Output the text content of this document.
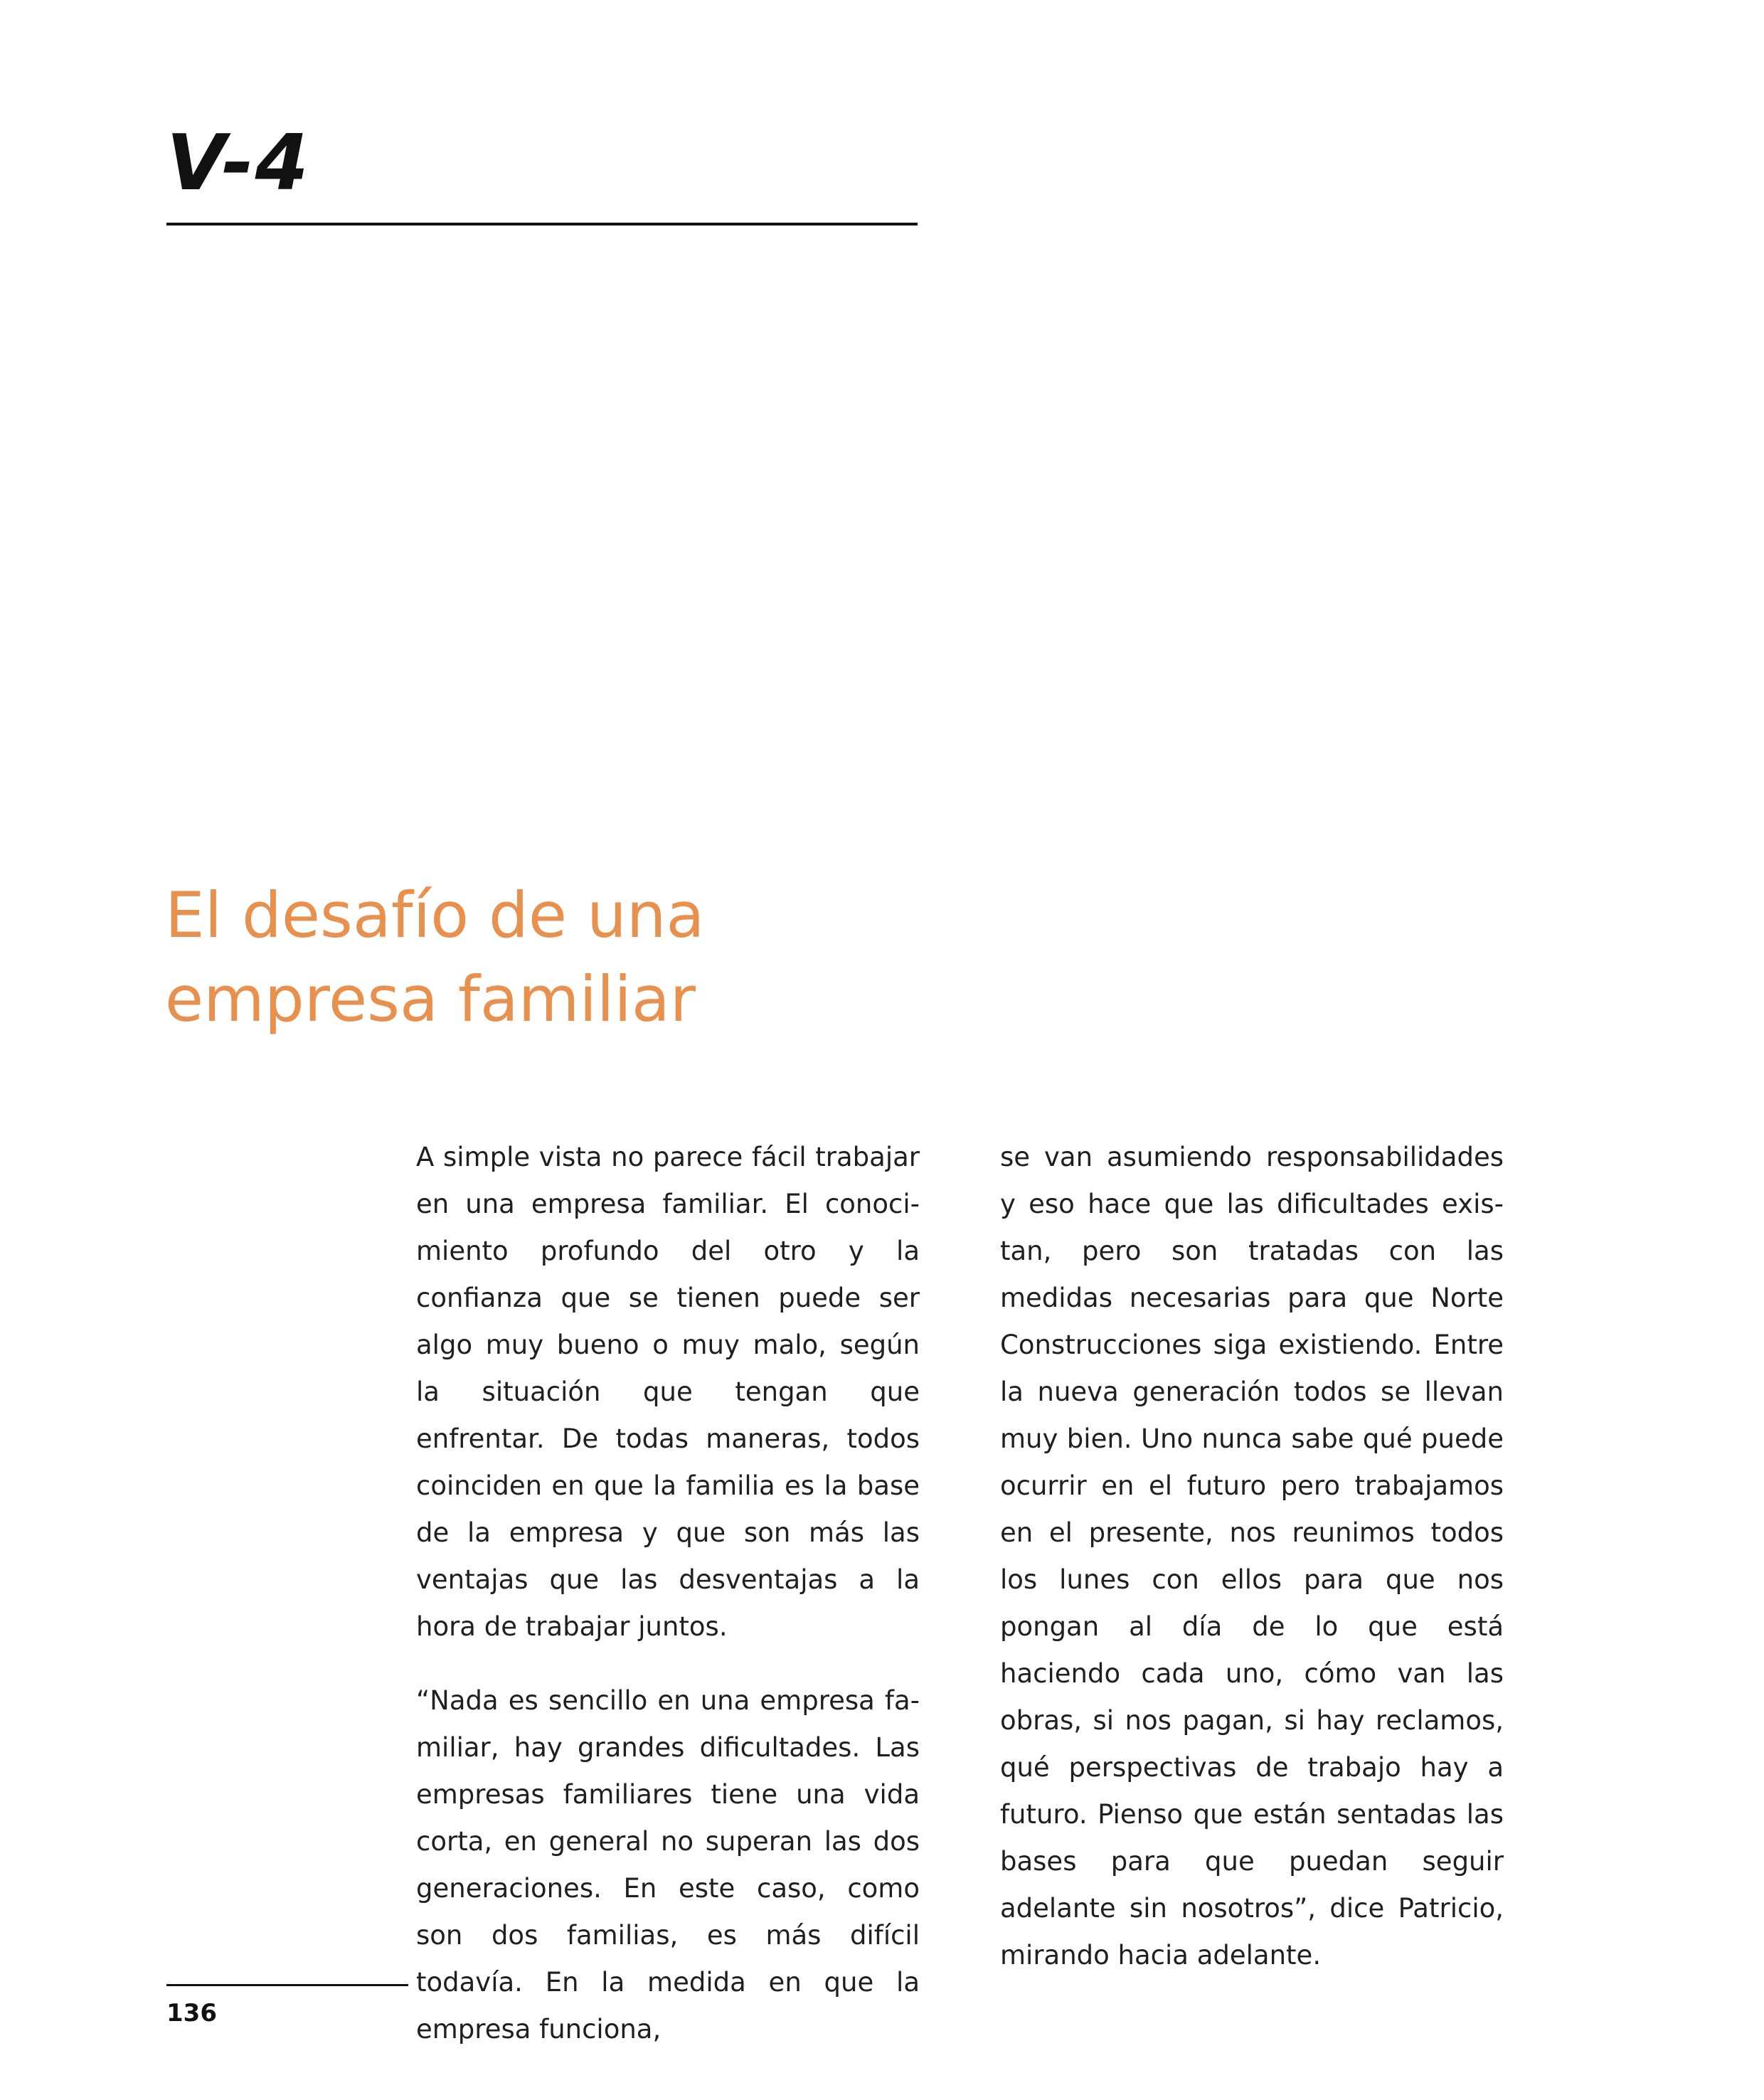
V-4
El desafío de una
empresa familiar

A simple vista no parece fácil trabajar en una empresa familiar. El conocimiento profundo del otro y la confianza que se tienen puede ser algo muy bueno o muy malo, según la situación que tengan que enfrentar. De todas maneras, todos coinciden en que la familia es la base de la empresa y que son más las ventajas que las desventajas a la hora de trabajar juntos.

“Nada es sencillo en una empresa familiar, hay grandes dificultades. Las empresas familiares tiene una vida corta, en general no superan las dos generaciones. En este caso, como son dos familias, es más difícil todavía. En la medida en que la empresa funciona,

se van asumiendo responsabilidades y eso hace que las dificultades existan, pero son tratadas con las medidas necesarias para que Norte Construcciones siga existiendo. Entre la nueva generación todos se llevan muy bien. Uno nunca sabe qué puede ocurrir en el futuro pero trabajamos en el presente, nos reunimos todos los lunes con ellos para que nos pongan al día de lo que está haciendo cada uno, cómo van las obras, si nos pagan, si hay reclamos, qué perspectivas de trabajo hay a futuro. Pienso que están sentadas las bases para que puedan seguir adelante sin nosotros”, dice Patricio, mirando hacia adelante.

136
